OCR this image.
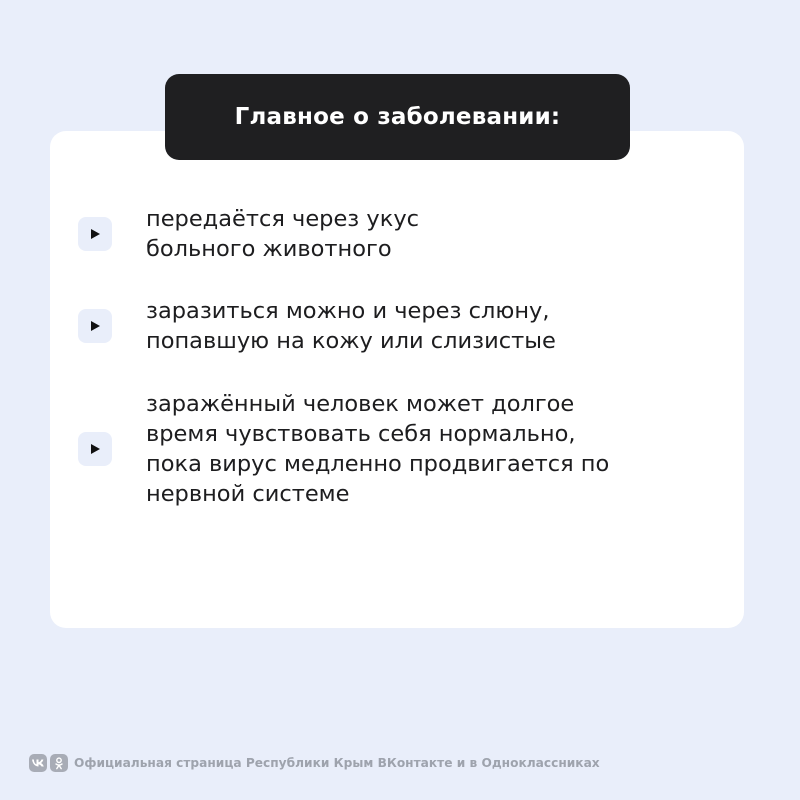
Главное о заболевании:
передаётся через укус
больного животного
заразиться можно и через слюну,
попавшую на кожу или слизистые
заражённый человек может долгое
время чувствовать себя нормально,
пока вирус медленно продвигается по
нервной системе
Официальная страница Республики Крым ВКонтакте и в Одноклассниках
